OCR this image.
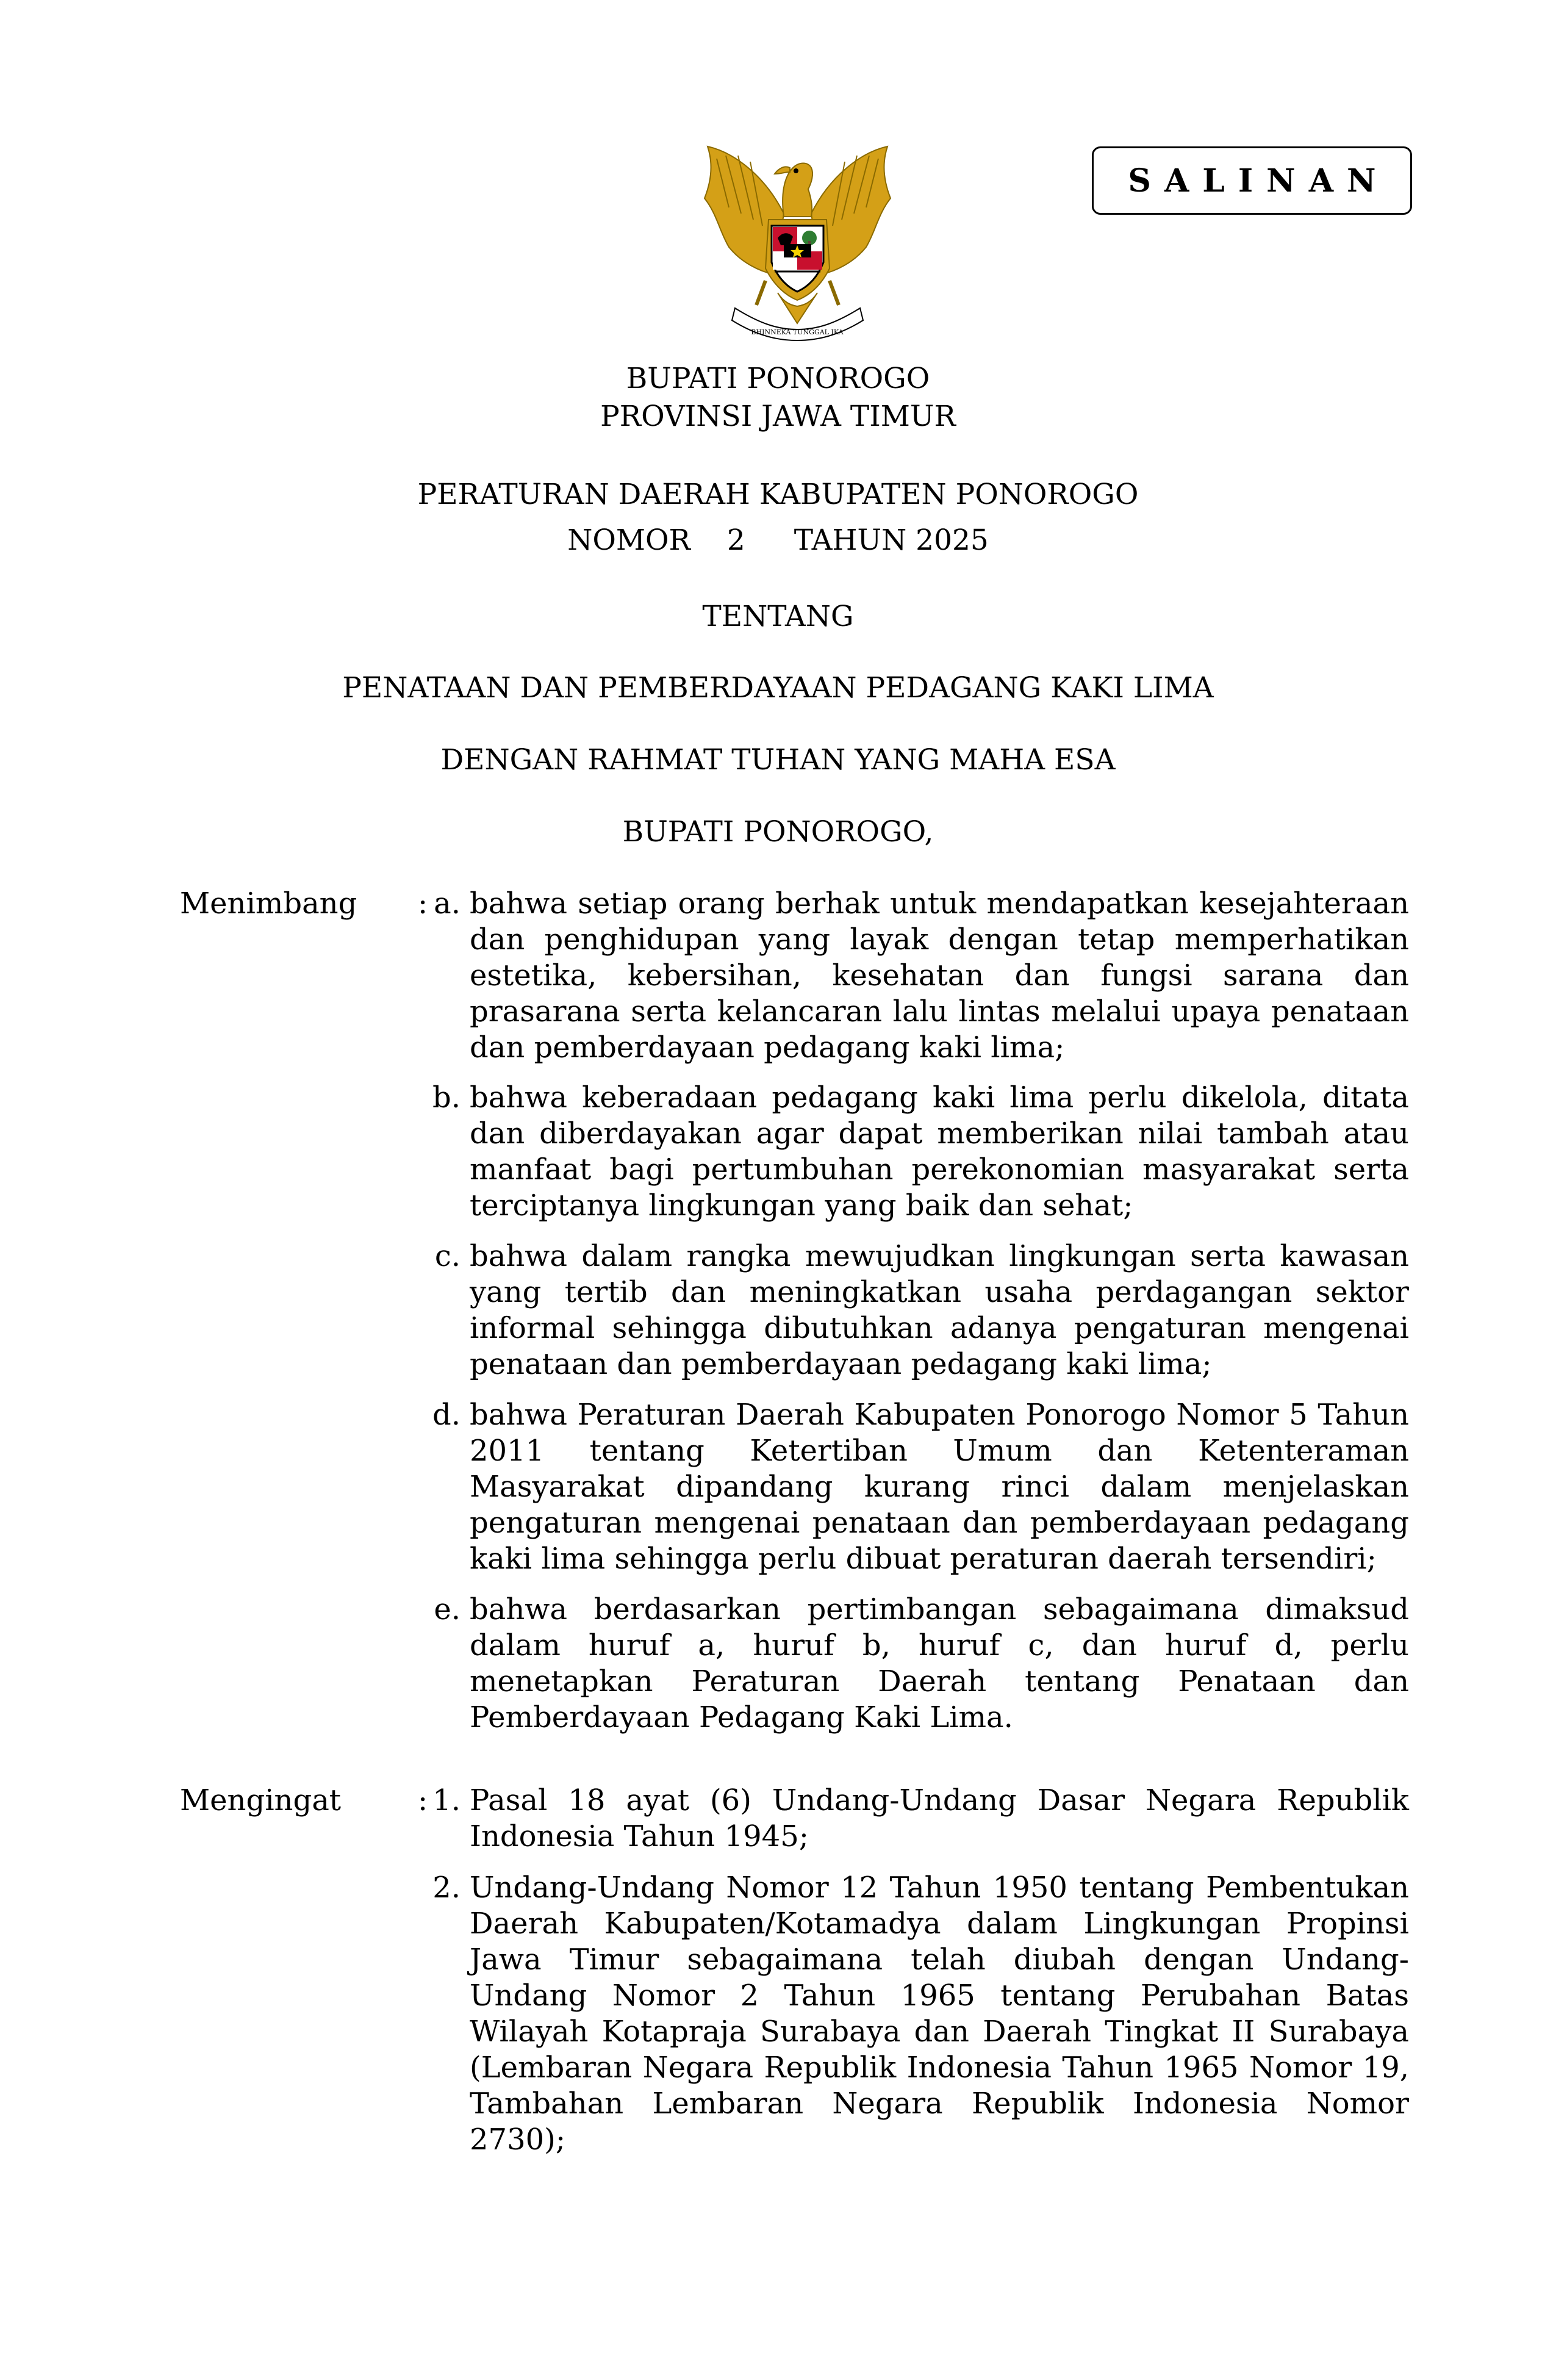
BHINNEKA TUNGGAL IKA
SALINAN
BUPATI PONOROGO
PROVINSI JAWA TIMUR
PERATURAN DAERAH KABUPATEN PONOROGO
NOMOR 2 TAHUN 2025
TENTANG
PENATAAN DAN PEMBERDAYAAN PEDAGANG KAKI LIMA
DENGAN RAHMAT TUHAN YANG MAHA ESA
BUPATI PONOROGO,
Menimbang	: a. bahwa setiap orang berhak untuk mendapatkan kesejahteraan dan penghidupan yang layak dengan tetap memperhatikan estetika, kebersihan, kesehatan dan fungsi sarana dan prasarana serta kelancaran lalu lintas melalui upaya penataan dan pemberdayaan pedagang kaki lima;
b. bahwa keberadaan pedagang kaki lima perlu dikelola, ditata dan diberdayakan agar dapat memberikan nilai tambah atau manfaat bagi pertumbuhan perekonomian masyarakat serta terciptanya lingkungan yang baik dan sehat;
c. bahwa dalam rangka mewujudkan lingkungan serta kawasan yang tertib dan meningkatkan usaha perdagangan sektor informal sehingga dibutuhkan adanya pengaturan mengenai penataan dan pemberdayaan pedagang kaki lima;
d. bahwa Peraturan Daerah Kabupaten Ponorogo Nomor 5 Tahun 2011 tentang Ketertiban Umum dan Ketenteraman Masyarakat dipandang kurang rinci dalam menjelaskan pengaturan mengenai penataan dan pemberdayaan pedagang kaki lima sehingga perlu dibuat peraturan daerah tersendiri;
e. bahwa berdasarkan pertimbangan sebagaimana dimaksud dalam huruf a, huruf b, huruf c, dan huruf d, perlu menetapkan Peraturan Daerah tentang Penataan dan Pemberdayaan Pedagang Kaki Lima.
Mengingat	: 1. Pasal 18 ayat (6) Undang-Undang Dasar Negara Republik Indonesia Tahun 1945;
2. Undang-Undang Nomor 12 Tahun 1950 tentang Pembentukan Daerah Kabupaten/Kotamadya dalam Lingkungan Propinsi Jawa Timur sebagaimana telah diubah dengan Undang-Undang Nomor 2 Tahun 1965 tentang Perubahan Batas Wilayah Kotapraja Surabaya dan Daerah Tingkat II Surabaya (Lembaran Negara Republik Indonesia Tahun 1965 Nomor 19, Tambahan Lembaran Negara Republik Indonesia Nomor 2730);
